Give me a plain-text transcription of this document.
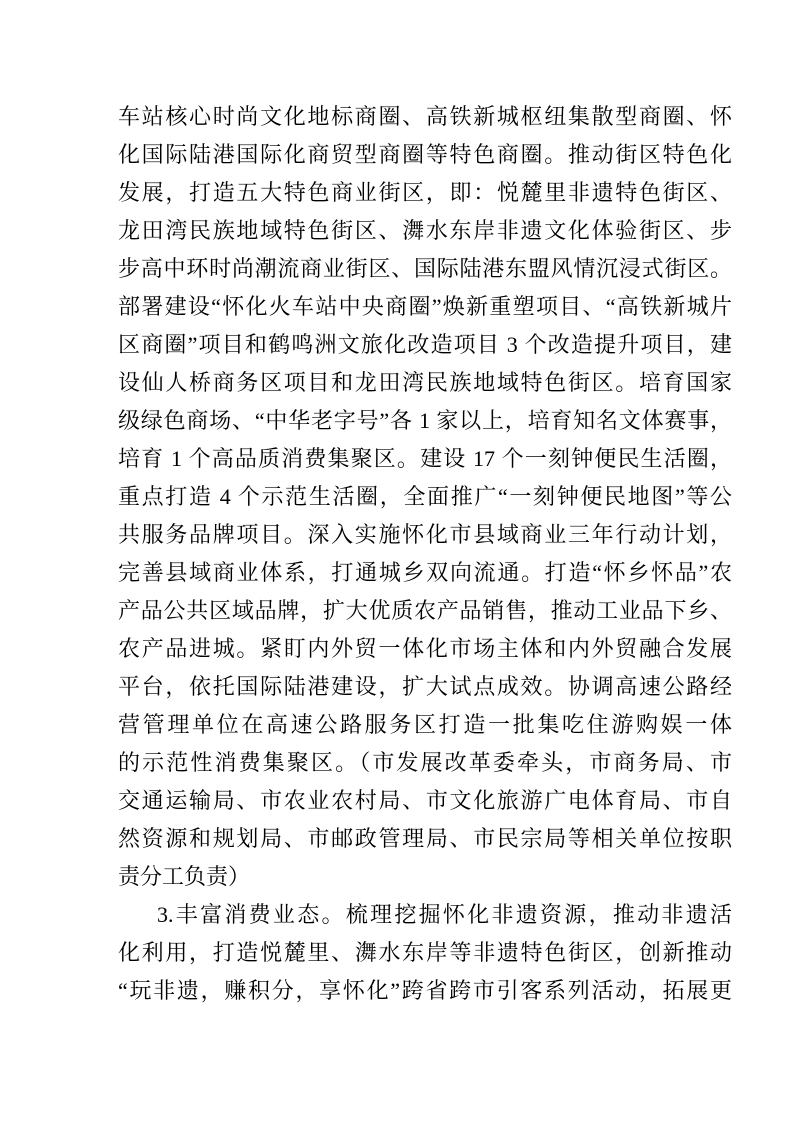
车站核心时尚文化地标商圈、高铁新城枢纽集散型商圈、怀
化国际陆港国际化商贸型商圈等特色商圈。推动街区特色化
发展，打造五大特色商业街区，即：悦麓里非遗特色街区、
龙田湾民族地域特色街区、㵲水东岸非遗文化体验街区、步
步高中环时尚潮流商业街区、国际陆港东盟风情沉浸式街区。
部署建设“怀化火车站中央商圈”焕新重塑项目、“高铁新城片
区商圈”项目和鹤鸣洲文旅化改造项目 3 个改造提升项目，建
设仙人桥商务区项目和龙田湾民族地域特色街区。培育国家
级绿色商场、“中华老字号”各 1 家以上，培育知名文体赛事，
培育 1 个高品质消费集聚区。建设 17 个一刻钟便民生活圈，
重点打造 4 个示范生活圈，全面推广“一刻钟便民地图”等公
共服务品牌项目。深入实施怀化市县域商业三年行动计划，
完善县域商业体系，打通城乡双向流通。打造“怀乡怀品”农
产品公共区域品牌，扩大优质农产品销售，推动工业品下乡、
农产品进城。紧盯内外贸一体化市场主体和内外贸融合发展
平台，依托国际陆港建设，扩大试点成效。协调高速公路经
营管理单位在高速公路服务区打造一批集吃住游购娱一体
的示范性消费集聚区。（市发展改革委牵头，市商务局、市
交通运输局、市农业农村局、市文化旅游广电体育局、市自
然资源和规划局、市邮政管理局、市民宗局等相关单位按职
责分工负责）
3.丰富消费业态。梳理挖掘怀化非遗资源，推动非遗活
化利用，打造悦麓里、㵲水东岸等非遗特色街区，创新推动
“玩非遗，赚积分，享怀化”跨省跨市引客系列活动，拓展更
